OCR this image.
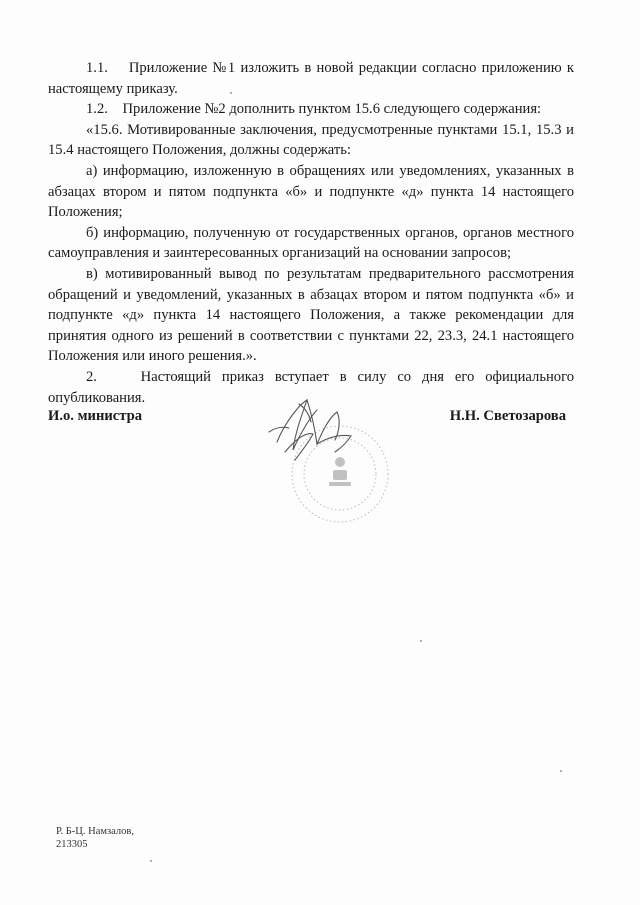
1.1.    Приложение №1 изложить в новой редакции согласно приложению к настоящему приказу.

1.2.    Приложение №2 дополнить пунктом 15.6 следующего содержания:

«15.6. Мотивированные заключения, предусмотренные пунктами 15.1, 15.3 и 15.4 настоящего Положения, должны содержать:

а) информацию, изложенную в обращениях или уведомлениях, указанных в абзацах втором и пятом подпункта «б» и подпункте «д» пункта 14 настоящего Положения;

б) информацию, полученную от государственных органов, органов местного самоуправления и заинтересованных организаций на основании запросов;

в) мотивированный вывод по результатам предварительного рассмотрения обращений и уведомлений, указанных в абзацах втором и пятом подпункта «б» и подпункте «д» пункта 14 настоящего Положения, а также рекомендации для принятия одного из решений в соответствии с пунктами 22, 23.3, 24.1 настоящего Положения или иного решения.».

2.    Настоящий приказ вступает в силу со дня его официального опубликования.

И.о. министра	Н.Н. Светозарова
Р. Б-Ц. Намзалов,
213305
